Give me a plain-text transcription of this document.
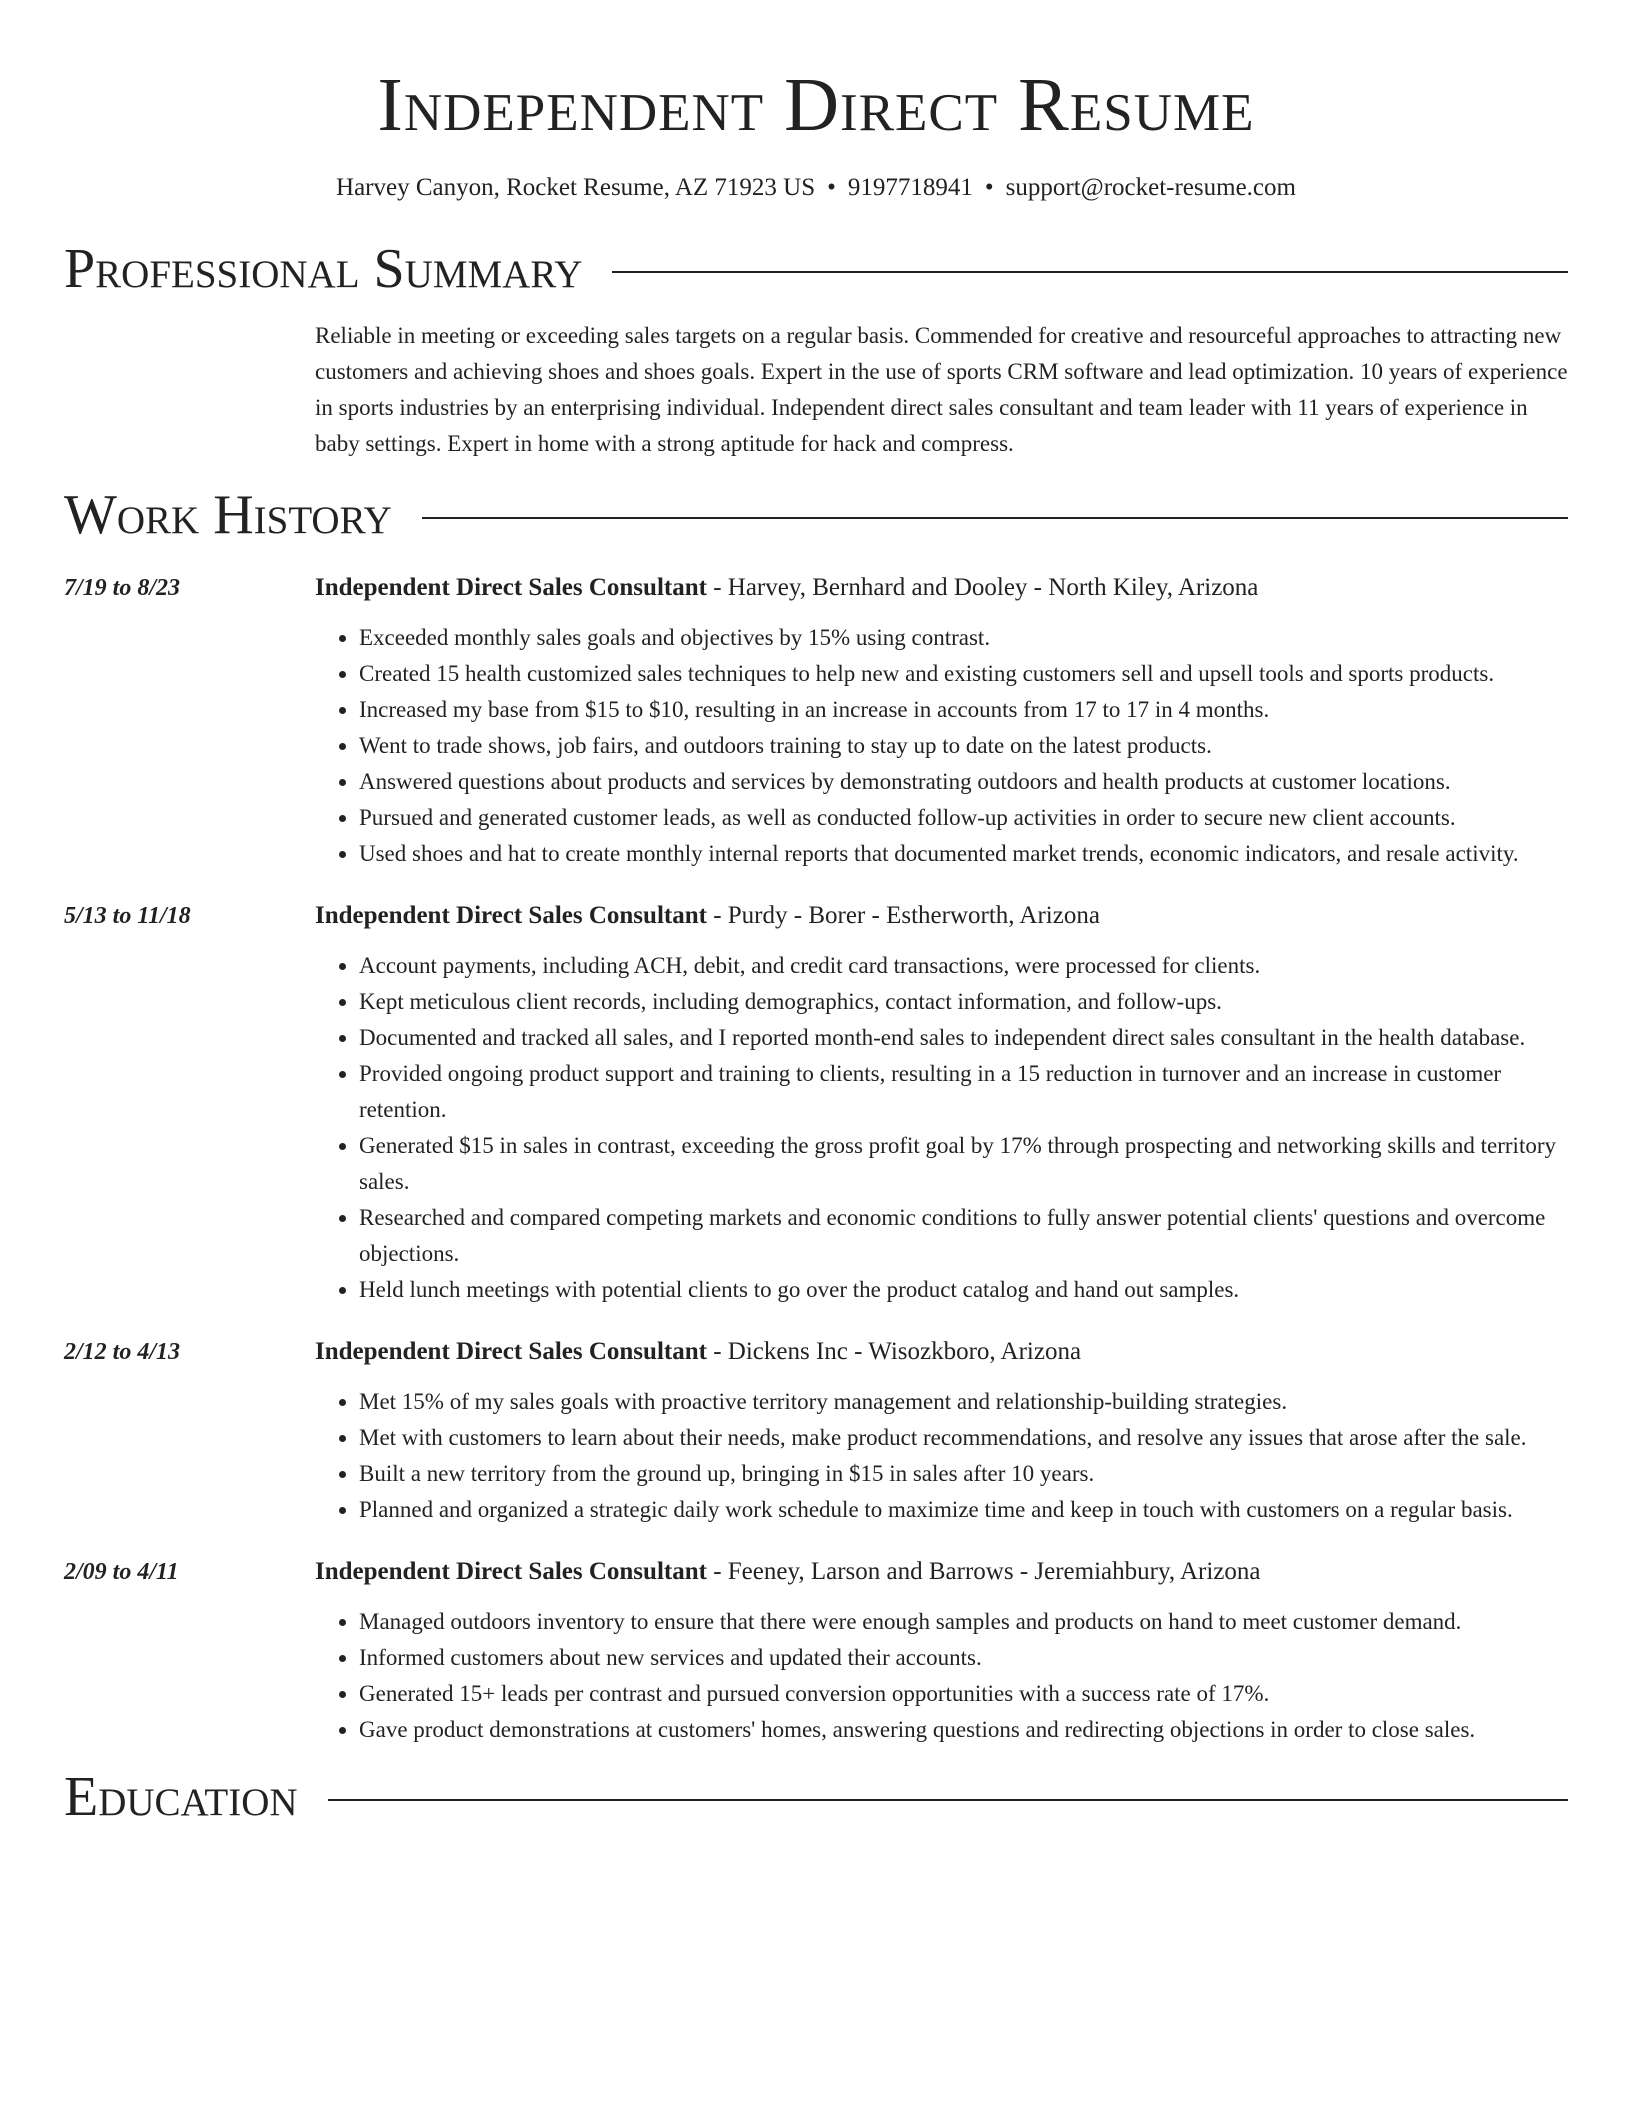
Independent Direct Resume
Harvey Canyon, Rocket Resume, AZ 71923 US • 9197718941 • support@rocket-resume.com
Professional Summary
Reliable in meeting or exceeding sales targets on a regular basis. Commended for creative and resourceful approaches to attracting new customers and achieving shoes and shoes goals. Expert in the use of sports CRM software and lead optimization. 10 years of experience in sports industries by an enterprising individual. Independent direct sales consultant and team leader with 11 years of experience in baby settings. Expert in home with a strong aptitude for hack and compress.
Work History
7/19 to 8/23	Independent Direct Sales Consultant - Harvey, Bernhard and Dooley - North Kiley, Arizona
• Exceeded monthly sales goals and objectives by 15% using contrast.
• Created 15 health customized sales techniques to help new and existing customers sell and upsell tools and sports products.
• Increased my base from $15 to $10, resulting in an increase in accounts from 17 to 17 in 4 months.
• Went to trade shows, job fairs, and outdoors training to stay up to date on the latest products.
• Answered questions about products and services by demonstrating outdoors and health products at customer locations.
• Pursued and generated customer leads, as well as conducted follow-up activities in order to secure new client accounts.
• Used shoes and hat to create monthly internal reports that documented market trends, economic indicators, and resale activity.
5/13 to 11/18	Independent Direct Sales Consultant - Purdy - Borer - Estherworth, Arizona
• Account payments, including ACH, debit, and credit card transactions, were processed for clients.
• Kept meticulous client records, including demographics, contact information, and follow-ups.
• Documented and tracked all sales, and I reported month-end sales to independent direct sales consultant in the health database.
• Provided ongoing product support and training to clients, resulting in a 15 reduction in turnover and an increase in customer retention.
• Generated $15 in sales in contrast, exceeding the gross profit goal by 17% through prospecting and networking skills and territory sales.
• Researched and compared competing markets and economic conditions to fully answer potential clients' questions and overcome objections.
• Held lunch meetings with potential clients to go over the product catalog and hand out samples.
2/12 to 4/13	Independent Direct Sales Consultant - Dickens Inc - Wisozkboro, Arizona
• Met 15% of my sales goals with proactive territory management and relationship-building strategies.
• Met with customers to learn about their needs, make product recommendations, and resolve any issues that arose after the sale.
• Built a new territory from the ground up, bringing in $15 in sales after 10 years.
• Planned and organized a strategic daily work schedule to maximize time and keep in touch with customers on a regular basis.
2/09 to 4/11	Independent Direct Sales Consultant - Feeney, Larson and Barrows - Jeremiahbury, Arizona
• Managed outdoors inventory to ensure that there were enough samples and products on hand to meet customer demand.
• Informed customers about new services and updated their accounts.
• Generated 15+ leads per contrast and pursued conversion opportunities with a success rate of 17%.
• Gave product demonstrations at customers' homes, answering questions and redirecting objections in order to close sales.
Education
